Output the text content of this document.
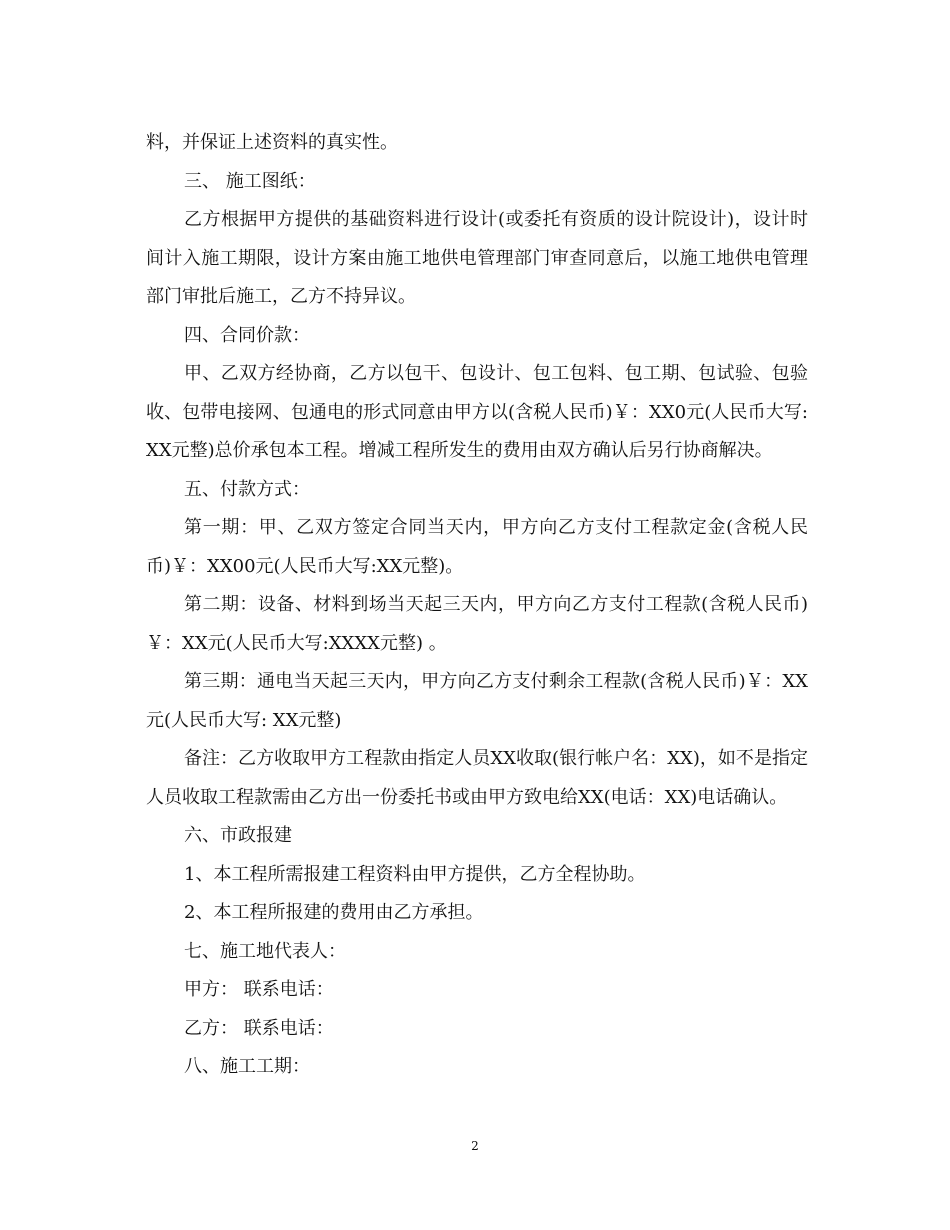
料，并保证上述资料的真实性。

三、 施工图纸：

乙方根据甲方提供的基础资料进行设计(或委托有资质的设计院设计)，设计时间计入施工期限，设计方案由施工地供电管理部门审查同意后，以施工地供电管理部门审批后施工，乙方不持异议。

四、合同价款：

甲、乙双方经协商，乙方以包干、包设计、包工包料、包工期、包试验、包验收、包带电接网、包通电的形式同意由甲方以(含税人民币)￥：XX0元(人民币大写:XX元整)总价承包本工程。增减工程所发生的费用由双方确认后另行协商解决。

五、付款方式：

第一期：甲、乙双方签定合同当天内，甲方向乙方支付工程款定金(含税人民币)￥：XX00元(人民币大写:XX元整)。

第二期：设备、材料到场当天起三天内，甲方向乙方支付工程款(含税人民币)￥：XX元(人民币大写:XXXX元整) 。

第三期：通电当天起三天内，甲方向乙方支付剩余工程款(含税人民币)￥：XX元(人民币大写: XX元整)

备注：乙方收取甲方工程款由指定人员XX收取(银行帐户名：XX)，如不是指定人员收取工程款需由乙方出一份委托书或由甲方致电给XX(电话：XX)电话确认。

六、市政报建

1、本工程所需报建工程资料由甲方提供，乙方全程协助。

2、本工程所报建的费用由乙方承担。

七、施工地代表人：

甲方： 联系电话：

乙方： 联系电话：

八、施工工期：

2
